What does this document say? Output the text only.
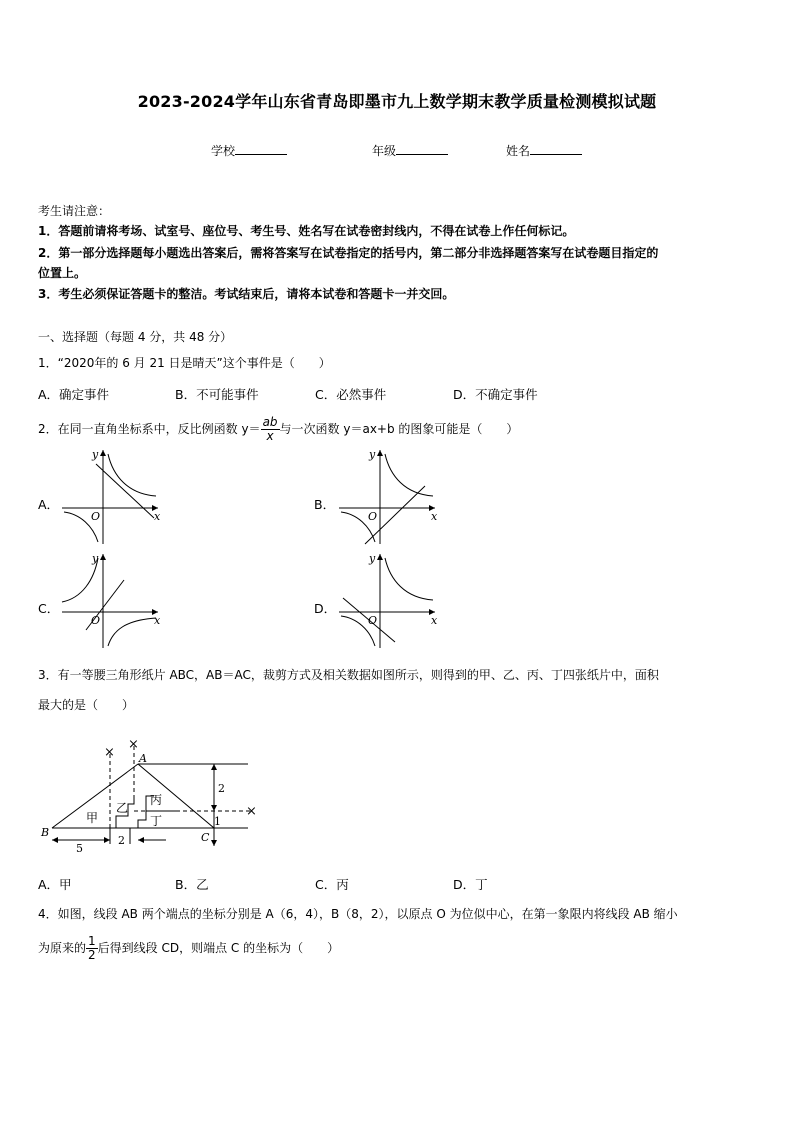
2023-2024学年山东省青岛即墨市九上数学期末教学质量检测模拟试题
学校	年级	姓名
考生请注意：
1．答题前请将考场、试室号、座位号、考生号、姓名写在试卷密封线内，不得在试卷上作任何标记。
2．第一部分选择题每小题选出答案后，需将答案写在试卷指定的括号内，第二部分非选择题答案写在试卷题目指定的
位置上。
3．考生必须保证答题卡的整洁。考试结束后，请将本试卷和答题卡一并交回。
一、选择题（每题 4 分，共 48 分）
1．“2020年的 6 月 21 日是晴天”这个事件是（　　）
A．确定事件	B．不可能事件	C．必然事件	D．不确定事件
2．在同一直角坐标系中，反比例函数 $y= \frac{ab}{x}$ 与一次函数 y＝ax+b 的图象可能是（　　）
A．	B．
C．	D．
y
x
O
y
x
O
y
x
O
y
x
O
3．有一等腰三角形纸片 ABC，AB＝AC，裁剪方式及相关数据如图所示，则得到的甲、乙、丙、丁四张纸片中，面积
最大的是（　　）
×
×
×
A
B	C
甲
乙
丙
丁
5
2
2
1
A．甲	B．乙	C．丙	D．丁
4．如图，线段 AB 两个端点的坐标分别是 A（6，4），B（8，2），以原点 O 为位似中心，在第一象限内将线段 AB 缩小
为原来的 $\frac{1}{2}$ 后得到线段 CD，则端点 C 的坐标为（　　）
